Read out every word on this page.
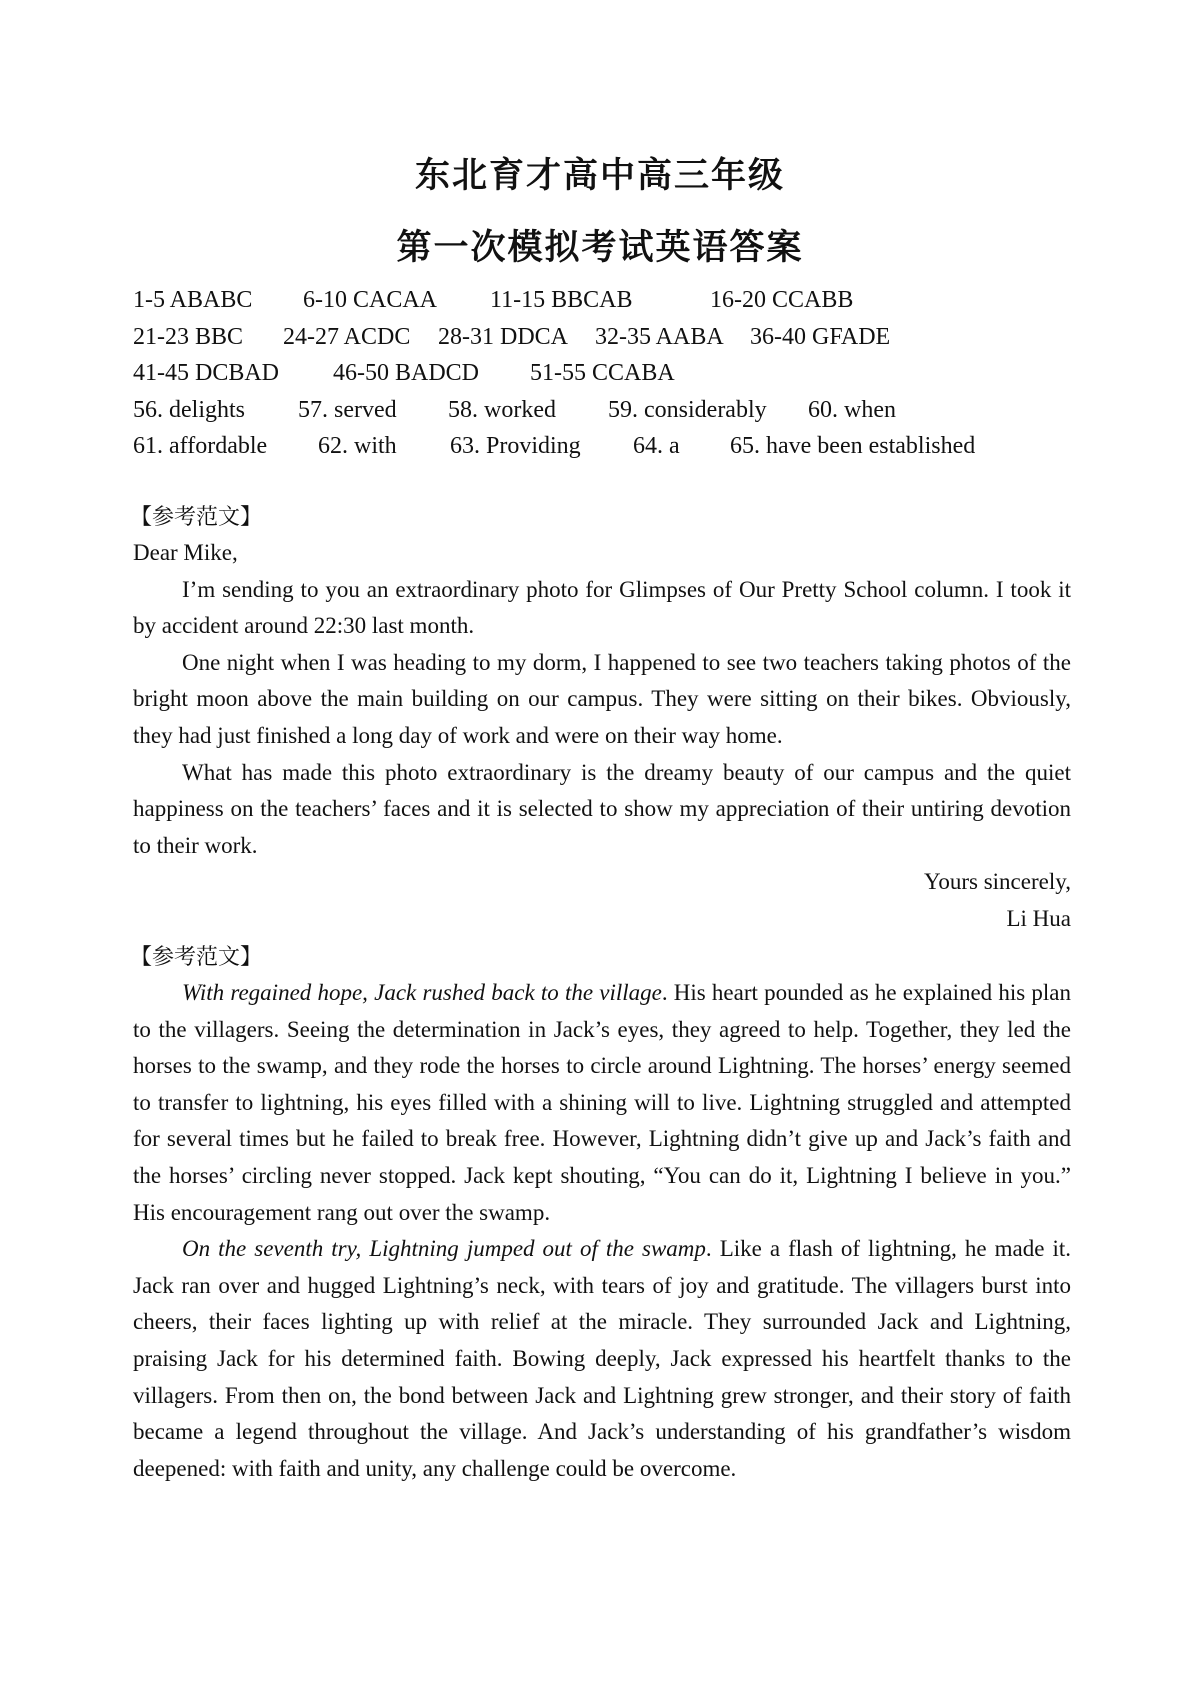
东北育才高中高三年级
第一次模拟考试英语答案
1-5 ABABC 6-10 CACAA 11-15 BBCAB	16-20 CCABB
21-23 BBC 24-27 ACDC 28-31 DDCA 32-35 AABA 36-40 GFADE
41-45 DCBAD 46-50 BADCD 51-55 CCABA
56. delights 57. served 58. worked 59. considerably 60. when
61. affordable 62. with 63. Providing 64. a 65. have been established
【参考范文】

Dear Mike,

I’m sending to you an extraordinary photo for Glimpses of Our Pretty School column. I took it by accident around 22:30 last month.

One night when I was heading to my dorm, I happened to see two teachers taking photos of the bright moon above the main building on our campus. They were sitting on their bikes. Obviously, they had just finished a long day of work and were on their way home.

What has made this photo extraordinary is the dreamy beauty of our campus and the quiet happiness on the teachers’ faces and it is selected to show my appreciation of their untiring devotion to their work.

Yours sincerely,

Li Hua

【参考范文】

With regained hope, Jack rushed back to the village. His heart pounded as he explained his plan to the villagers. Seeing the determination in Jack’s eyes, they agreed to help. Together, they led the horses to the swamp, and they rode the horses to circle around Lightning. The horses’ energy seemed to transfer to lightning, his eyes filled with a shining will to live. Lightning struggled and attempted for several times but he failed to break free. However, Lightning didn’t give up and Jack’s faith and the horses’ circling never stopped. Jack kept shouting, “You can do it, Lightning I believe in you.” His encouragement rang out over the swamp.

On the seventh try, Lightning jumped out of the swamp. Like a flash of lightning, he made it. Jack ran over and hugged Lightning’s neck, with tears of joy and gratitude. The villagers burst into cheers, their faces lighting up with relief at the miracle. They surrounded Jack and Lightning, praising Jack for his determined faith. Bowing deeply, Jack expressed his heartfelt thanks to the villagers. From then on, the bond between Jack and Lightning grew stronger, and their story of faith became a legend throughout the village. And Jack’s understanding of his grandfather’s wisdom deepened: with faith and unity, any challenge could be overcome.
